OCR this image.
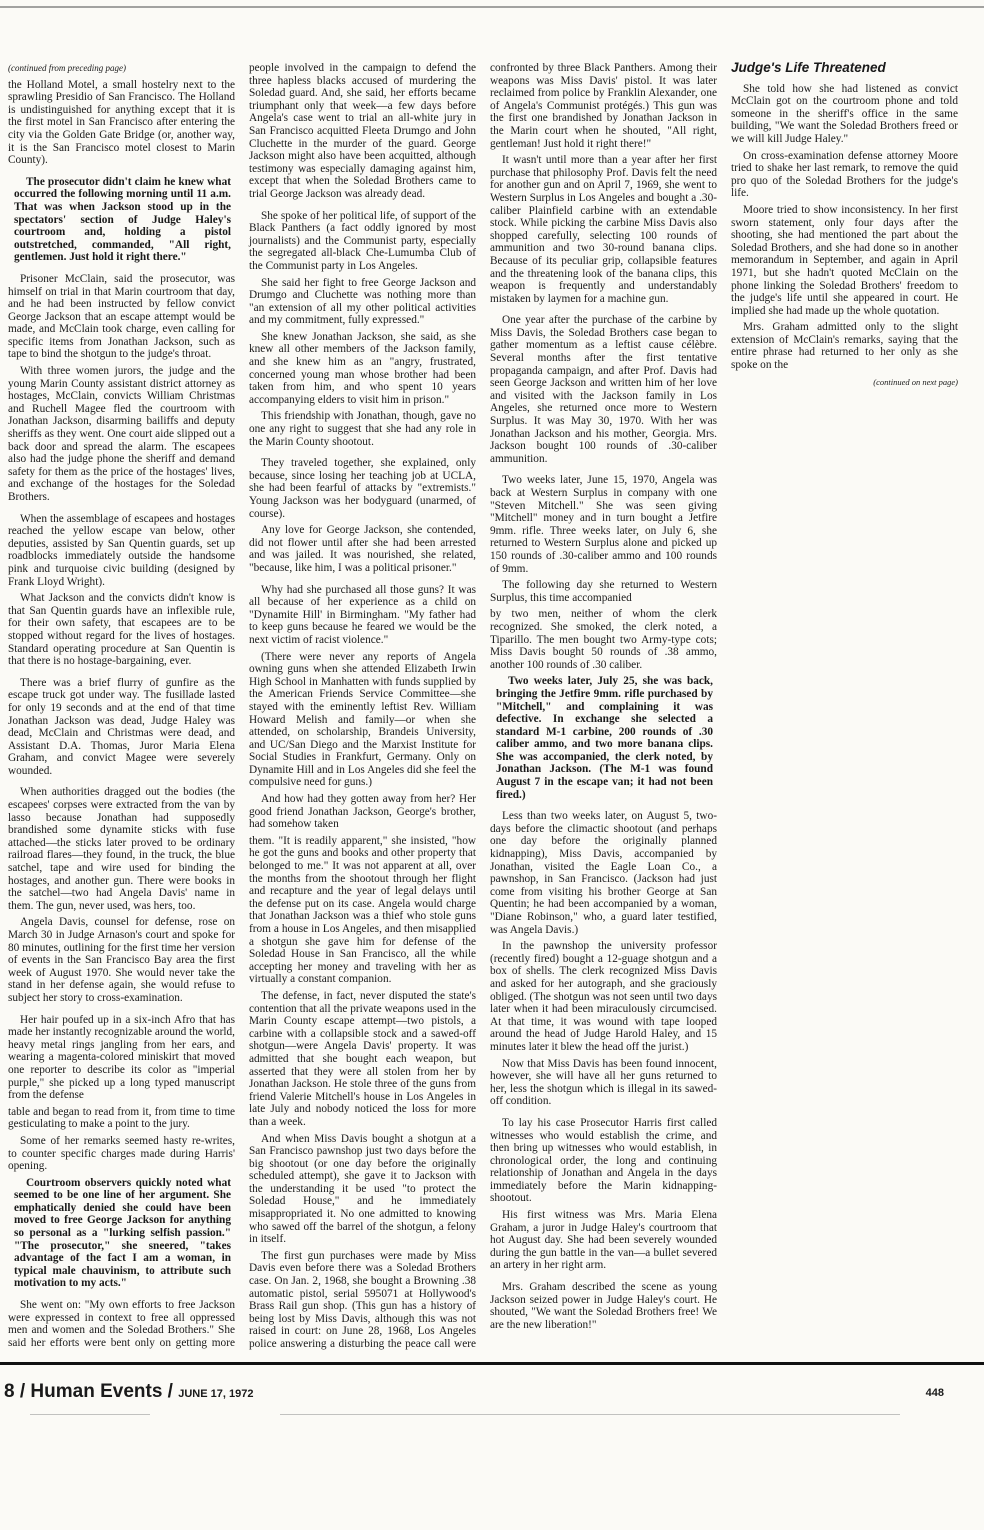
(continued from preceding page)

the Holland Motel, a small hostelry next to the sprawling Presidio of San Francisco. The Holland is undistinguished for anything except that it is the first motel in San Francisco after entering the city via the Golden Gate Bridge (or, another way, it is the San Francisco motel closest to Marin County).

The prosecutor didn't claim he knew what occurred the following morning until 11 a.m. That was when Jackson stood up in the spectators' section of Judge Haley's courtroom and, holding a pistol outstretched, commanded, "All right, gentlemen. Just hold it right there."

Prisoner McClain, said the prosecutor, was himself on trial in that Marin courtroom that day, and he had been instructed by fellow convict George Jackson that an escape attempt would be made, and McClain took charge, even calling for specific items from Jonathan Jackson, such as tape to bind the shotgun to the judge's throat.

With three women jurors, the judge and the young Marin County assistant district attorney as hostages, McClain, convicts William Christmas and Ruchell Magee fled the courtroom with Jonathan Jackson, disarming bailiffs and deputy sheriffs as they went. One court aide slipped out a back door and spread the alarm. The escapees also had the judge phone the sheriff and demand safety for them as the price of the hostages' lives, and exchange of the hostages for the Soledad Brothers.

When the assemblage of escapees and hostages reached the yellow escape van below, other deputies, assisted by San Quentin guards, set up roadblocks immediately outside the handsome pink and turquoise civic building (designed by Frank Lloyd Wright).

What Jackson and the convicts didn't know is that San Quentin guards have an inflexible rule, for their own safety, that escapees are to be stopped without regard for the lives of hostages. Standard operating procedure at San Quentin is that there is no hostage-bargaining, ever.

There was a brief flurry of gunfire as the escape truck got under way. The fusillade lasted for only 19 seconds and at the end of that time Jonathan Jackson was dead, Judge Haley was dead, McClain and Christmas were dead, and Assistant D.A. Thomas, Juror Maria Elena Graham, and convict Magee were severely wounded.

When authorities dragged out the bodies (the escapees' corpses were extracted from the van by lasso because Jonathan had supposedly brandished some dynamite sticks with fuse attached—the sticks later proved to be ordinary railroad flares—they found, in the truck, the blue satchel, tape and wire used for binding the hostages, and another gun. There were books in the satchel—two had Angela Davis' name in them. The gun, never used, was hers, too.

Angela Davis, counsel for defense, rose on March 30 in Judge Arnason's court and spoke for 80 minutes, outlining for the first time her version of events in the San Francisco Bay area the first week of August 1970. She would never take the stand in her defense again, she would refuse to subject her story to cross-examination.

Her hair poufed up in a six-inch Afro that has made her instantly recognizable around the world, heavy metal rings jangling from her ears, and wearing a magenta-colored miniskirt that moved one reporter to describe its color as "imperial purple," she picked up a long typed manuscript from the defense

table and began to read from it, from time to time gesticulating to make a point to the jury.

Some of her remarks seemed hasty re-writes, to counter specific charges made during Harris' opening.

Courtroom observers quickly noted what seemed to be one line of her argument. She emphatically denied she could have been moved to free George Jackson for anything so personal as a "lurking selfish passion." "The prosecutor," she sneered, "takes advantage of the fact I am a woman, in typical male chauvinism, to attribute such motivation to my acts."

She went on: "My own efforts to free Jackson were expressed in context to free all oppressed men and women and the Soledad Brothers." She said her efforts were bent only on getting more people involved in the campaign to defend the three hapless blacks accused of murdering the Soledad guard. And, she said, her efforts became triumphant only that week—a few days before Angela's case went to trial an all-white jury in San Francisco acquitted Fleeta Drumgo and John Cluchette in the murder of the guard. George Jackson might also have been acquitted, although testimony was especially damaging against him, except that when the Soledad Brothers came to trial George Jackson was already dead.

She spoke of her political life, of support of the Black Panthers (a fact oddly ignored by most journalists) and the Communist party, especially the segregated all-black Che-Lumumba Club of the Communist party in Los Angeles.

She said her fight to free George Jackson and Drumgo and Cluchette was nothing more than "an extension of all my other political activities and my commitment, fully expressed."

She knew Jonathan Jackson, she said, as she knew all other members of the Jackson family, and she knew him as an "angry, frustrated, concerned young man whose brother had been taken from him, and who spent 10 years accompanying elders to visit him in prison."

This friendship with Jonathan, though, gave no one any right to suggest that she had any role in the Marin County shootout.

They traveled together, she explained, only because, since losing her teaching job at UCLA, she had been fearful of attacks by "extremists." Young Jackson was her bodyguard (unarmed, of course).

Any love for George Jackson, she contended, did not flower until after she had been arrested and was jailed. It was nourished, she related, "because, like him, I was a political prisoner."

Why had she purchased all those guns? It was all because of her experience as a child on "Dynamite Hill' in Birmingham. "My father had to keep guns because he feared we would be the next victim of racist violence."

(There were never any reports of Angela owning guns when she attended Elizabeth Irwin High School in Manhatten with funds supplied by the American Friends Service Committee—she stayed with the eminently leftist Rev. William Howard Melish and family—or when she attended, on scholarship, Brandeis University, and UC/San Diego and the Marxist Institute for Social Studies in Frankfurt, Germany. Only on Dynamite Hill and in Los Angeles did she feel the compulsive need for guns.)

And how had they gotten away from her? Her good friend Jonathan Jackson, George's brother, had somehow taken

them. "It is readily apparent," she insisted, "how he got the guns and books and other property that belonged to me." It was not apparent at all, over the months from the shootout through her flight and recapture and the year of legal delays until the defense put on its case. Angela would charge that Jonathan Jackson was a thief who stole guns from a house in Los Angeles, and then misapplied a shotgun she gave him for defense of the Soledad House in San Francisco, all the while accepting her money and traveling with her as virtually a constant companion.

The defense, in fact, never disputed the state's contention that all the private weapons used in the Marin County escape attempt—two pistols, a carbine with a collapsible stock and a sawed-off shotgun—were Angela Davis' property. It was admitted that she bought each weapon, but asserted that they were all stolen from her by Jonathan Jackson. He stole three of the guns from friend Valerie Mitchell's house in Los Angeles in late July and nobody noticed the loss for more than a week.

And when Miss Davis bought a shotgun at a San Francisco pawnshop just two days before the big shootout (or one day before the originally scheduled attempt), she gave it to Jackson with the understanding it be used "to protect the Soledad House," and he immediately misappropriated it. No one admitted to knowing who sawed off the barrel of the shotgun, a felony in itself.

The first gun purchases were made by Miss Davis even before there was a Soledad Brothers case. On Jan. 2, 1968, she bought a Browning .38 automatic pistol, serial 595071 at Hollywood's Brass Rail gun shop. (This gun has a history of being lost by Miss Davis, although this was not raised in court: on June 28, 1968, Los Angeles police answering a disturbing the peace call were confronted by three Black Panthers. Among their weapons was Miss Davis' pistol. It was later reclaimed from police by Franklin Alexander, one of Angela's Communist protégés.) This gun was the first one brandished by Jonathan Jackson in the Marin court when he shouted, "All right, gentleman! Just hold it right there!"

It wasn't until more than a year after her first purchase that philosophy Prof. Davis felt the need for another gun and on April 7, 1969, she went to Western Surplus in Los Angeles and bought a .30-caliber Plainfield carbine with an extendable stock. While picking the carbine Miss Davis also shopped carefully, selecting 100 rounds of ammunition and two 30-round banana clips. Because of its peculiar grip, collapsible features and the threatening look of the banana clips, this weapon is frequently and understandably mistaken by laymen for a machine gun.

One year after the purchase of the carbine by Miss Davis, the Soledad Brothers case began to gather momentum as a leftist cause célèbre. Several months after the first tentative propaganda campaign, and after Prof. Davis had seen George Jackson and written him of her love and visited with the Jackson family in Los Angeles, she returned once more to Western Surplus. It was May 30, 1970. With her was Jonathan Jackson and his mother, Georgia. Mrs. Jackson bought 100 rounds of .30-caliber ammunition.

Two weeks later, June 15, 1970, Angela was back at Western Surplus in company with one "Steven Mitchell." She was seen giving "Mitchell" money and in turn bought a Jetfire 9mm. rifle. Three weeks later, on July 6, she returned to Western Surplus alone and picked up 150 rounds of .30-caliber ammo and 100 rounds of 9mm.

The following day she returned to Western Surplus, this time accompanied

by two men, neither of whom the clerk recognized. She smoked, the clerk noted, a Tiparillo. The men bought two Army-type cots; Miss Davis bought 50 rounds of .38 ammo, another 100 rounds of .30 caliber.

Two weeks later, July 25, she was back, bringing the Jetfire 9mm. rifle purchased by "Mitchell," and complaining it was defective. In exchange she selected a standard M-1 carbine, 200 rounds of .30 caliber ammo, and two more banana clips. She was accompanied, the clerk noted, by Jonathan Jackson. (The M-1 was found August 7 in the escape van; it had not been fired.)

Less than two weeks later, on August 5, two-days before the climactic shootout (and perhaps one day before the originally planned kidnapping), Miss Davis, accompanied by Jonathan, visited the Eagle Loan Co., a pawnshop, in San Francisco. (Jackson had just come from visiting his brother George at San Quentin; he had been accompanied by a woman, "Diane Robinson," who, a guard later testified, was Angela Davis.)

In the pawnshop the university professor (recently fired) bought a 12-guage shotgun and a box of shells. The clerk recognized Miss Davis and asked for her autograph, and she graciously obliged. (The shotgun was not seen until two days later when it had been miraculously circumcised. At that time, it was wound with tape looped around the head of Judge Harold Haley, and 15 minutes later it blew the head off the jurist.)

Now that Miss Davis has been found innocent, however, she will have all her guns returned to her, less the shotgun which is illegal in its sawed-off condition.

To lay his case Prosecutor Harris first called witnesses who would establish the crime, and then bring up witnesses who would establish, in chronological order, the long and continuing relationship of Jonathan and Angela in the days immediately before the Marin kidnapping-shootout.

His first witness was Mrs. Maria Elena Graham, a juror in Judge Haley's courtroom that hot August day. She had been severely wounded during the gun battle in the van—a bullet severed an artery in her right arm.

Mrs. Graham described the scene as young Jackson seized power in Judge Haley's court. He shouted, "We want the Soledad Brothers free! We are the new liberation!"

Judge's Life Threatened

She told how she had listened as convict McClain got on the courtroom phone and told someone in the sheriff's office in the same building, "We want the Soledad Brothers freed or we will kill Judge Haley."

On cross-examination defense attorney Moore tried to shake her last remark, to remove the quid pro quo of the Soledad Brothers for the judge's life.

Moore tried to show inconsistency. In her first sworn statement, only four days after the shooting, she had mentioned the part about the Soledad Brothers, and she had done so in another memorandum in September, and again in April 1971, but she hadn't quoted McClain on the phone linking the Soledad Brothers' freedom to the judge's life until she appeared in court. He implied she had made up the whole quotation.

Mrs. Graham admitted only to the slight extension of McClain's remarks, saying that the entire phrase had returned to her only as she spoke on the

(continued on next page)
8 / Human Events / JUNE 17, 1972	448
